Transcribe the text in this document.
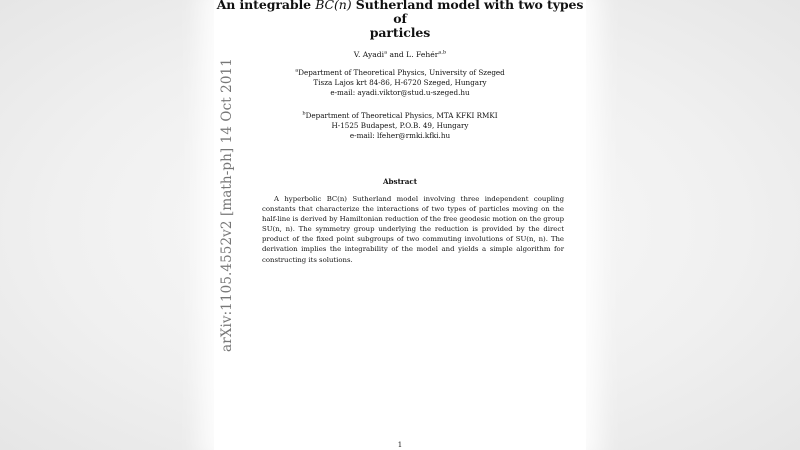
An integrable BC(n) Sutherland model with two types of
particles
V. Ayadi$^a$ and L. Fehér$^{a,b}$
$^a$Department of Theoretical Physics, University of Szeged
Tisza Lajos krt 84-86, H-6720 Szeged, Hungary
e-mail: ayadi.viktor@stud.u-szeged.hu
$^b$Department of Theoretical Physics, MTA KFKI RMKI
H-1525 Budapest, P.O.B. 49, Hungary
e-mail: lfeher@rmki.kfki.hu
Abstract
A hyperbolic BC(n) Sutherland model involving three independent coupling constants that characterize the interactions of two types of particles moving on the half-line is derived by Hamiltonian reduction of the free geodesic motion on the group SU(n, n). The symmetry group underlying the reduction is provided by the direct product of the fixed point subgroups of two commuting involutions of SU(n, n). The derivation implies the integrability of the model and yields a simple algorithm for constructing its solutions.
1
arXiv:1105.4552v2 [math-ph] 14 Oct 2011
